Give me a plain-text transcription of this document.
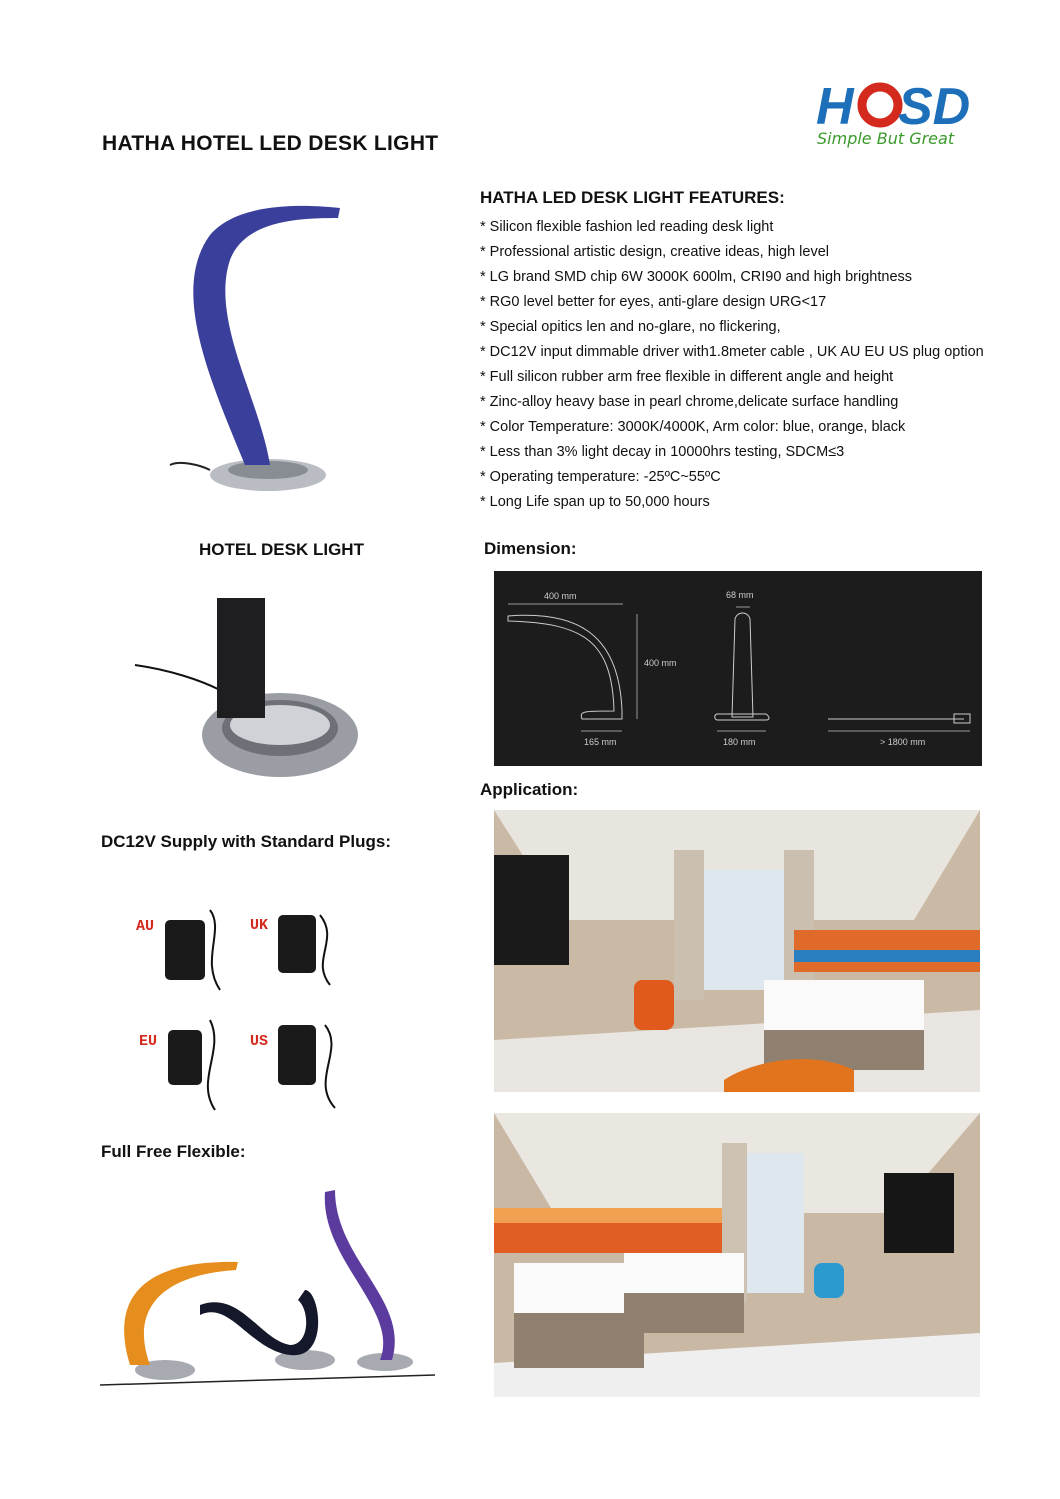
HATHA HOTEL LED DESK LIGHT
H SD
Simple But Great
HATHA LED DESK LIGHT FEATURES:
* Silicon flexible fashion led reading desk light
* Professional artistic design, creative ideas, high level
* LG brand SMD chip 6W 3000K 600lm, CRI90 and high brightness
* RG0 level better for eyes, anti-glare design URG<17
* Special opitics len and no-glare, no flickering,
* DC12V input dimmable driver with1.8meter cable , UK AU EU US plug option
* Full silicon rubber arm free flexible in different angle and height
* Zinc-alloy heavy base in pearl chrome,delicate surface handling
* Color Temperature: 3000K/4000K, Arm color: blue, orange, black
* Less than 3% light decay in 10000hrs testing, SDCM≤3
* Operating temperature: -25ºC~55ºC
* Long Life span up to 50,000 hours
HOTEL DESK LIGHT
DC12V Supply with Standard Plugs:
AU	UK
EU	US
Full Free Flexible:
Dimension:
400 mm
400 mm
165 mm
68 mm
180 mm	> 1800 mm
Application:
